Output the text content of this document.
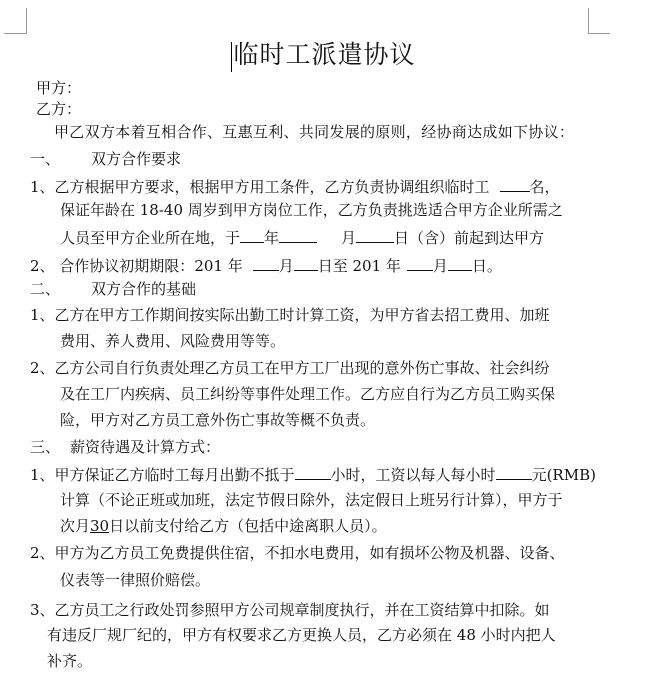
临时工派遣协议
甲方：
乙方：
甲乙双方本着互相合作、互惠互利、共同发展的原则，经协商达成如下协议：
一、 双方合作要求
1、乙方根据甲方要求，根据甲方用工条件，乙方负责协调组织临时工	名，
保证年龄在 18-40 周岁到甲方岗位工作，乙方负责挑选适合甲方企业所需之
人员至甲方企业所在地，于 年	月	日（含）前起到达甲方
2、 合作协议初期期限：201 年 月 日至 201 年 月 日。
二、 双方合作的基础
1、乙方在甲方工作期间按实际出勤工时计算工资，为甲方省去招工费用、加班
费用、养人费用、风险费用等等。
2、乙方公司自行负责处理乙方员工在甲方工厂出现的意外伤亡事故、社会纠纷
及在工厂内疾病、员工纠纷等事件处理工作。乙方应自行为乙方员工购买保
险，甲方对乙方员工意外伤亡事故等概不负责。
三、 薪资待遇及计算方式：
1、甲方保证乙方临时工每月出勤不抵于 小时，工资以每人每小时 元(RMB)
计算（不论正班或加班，法定节假日除外，法定假日上班另行计算），甲方于
次月30日以前支付给乙方（包括中途离职人员）。
2、甲方为乙方员工免费提供住宿，不扣水电费用，如有损坏公物及机器、设备、
仪表等一律照价赔偿。
3、乙方员工之行政处罚参照甲方公司规章制度执行，并在工资结算中扣除。如
有违反厂规厂纪的，甲方有权要求乙方更换人员，乙方必须在 48 小时内把人
补齐。
